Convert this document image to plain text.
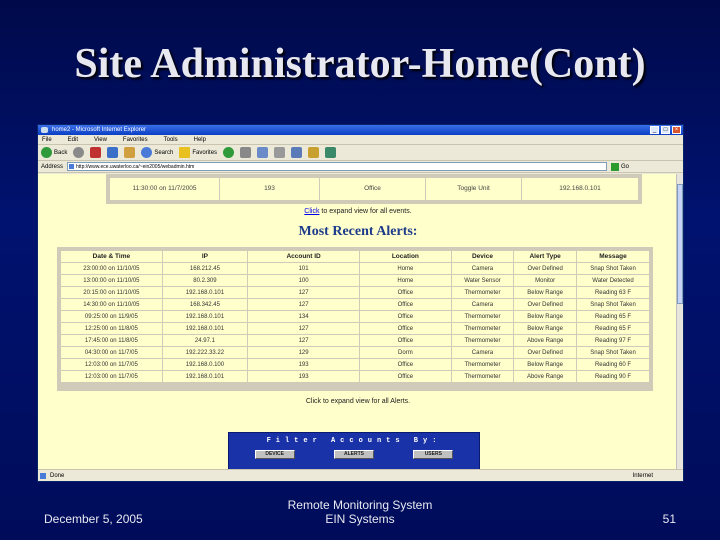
Site Administrator-Home(Cont)
home2 - Microsoft Internet Explorer	_	□	×
File	Edit	View	Favorites	Tools	Help
Back	Search	Favorites
Address	http://www.ece.uwaterloo.ca/~ein2005/webadmin.htm	Go
11:30:00 on 11/7/2005	193	Office	Toggle Unit	192.168.0.101
Click to expand view for all events.
Most Recent Alerts:
Date & Time	IP	Account ID	Location	Device	Alert Type	Message
23:00:00 on 11/10/05	168.212.45	101	Home	Camera	Over Defined	Snap Shot Taken
13:00:00 on 11/10/05	80.2.309	100	Home	Water Sensor	Monitor	Water Detected
20:15:00 on 11/10/05	192.168.0.101	127	Office	Thermometer	Below Range	Reading 63 F
14:30:00 on 11/10/05	168.342.45	127	Office	Camera	Over Defined	Snap Shot Taken
09:25:00 on 11/9/05	192.168.0.101	134	Office	Thermometer	Below Range	Reading 65 F
12:25:00 on 11/8/05	192.168.0.101	127	Office	Thermometer	Below Range	Reading 65 F
17:45:00 on 11/8/05	24.97.1	127	Office	Thermometer	Above Range	Reading 97 F
04:30:00 on 11/7/05	192.222.33.22	129	Dorm	Camera	Over Defined	Snap Shot Taken
12:03:00 on 11/7/05	192.168.0.100	193	Office	Thermometer	Below Range	Reading 60 F
12:03:00 on 11/7/05	192.168.0.101	193	Office	Thermometer	Above Range	Reading 90 F
Click to expand view for all Alerts.
Filter Accounts By:
DEVICE	ALERTS	USERS
Done	Internet
December 5, 2005
Remote Monitoring System
EIN Systems	51
